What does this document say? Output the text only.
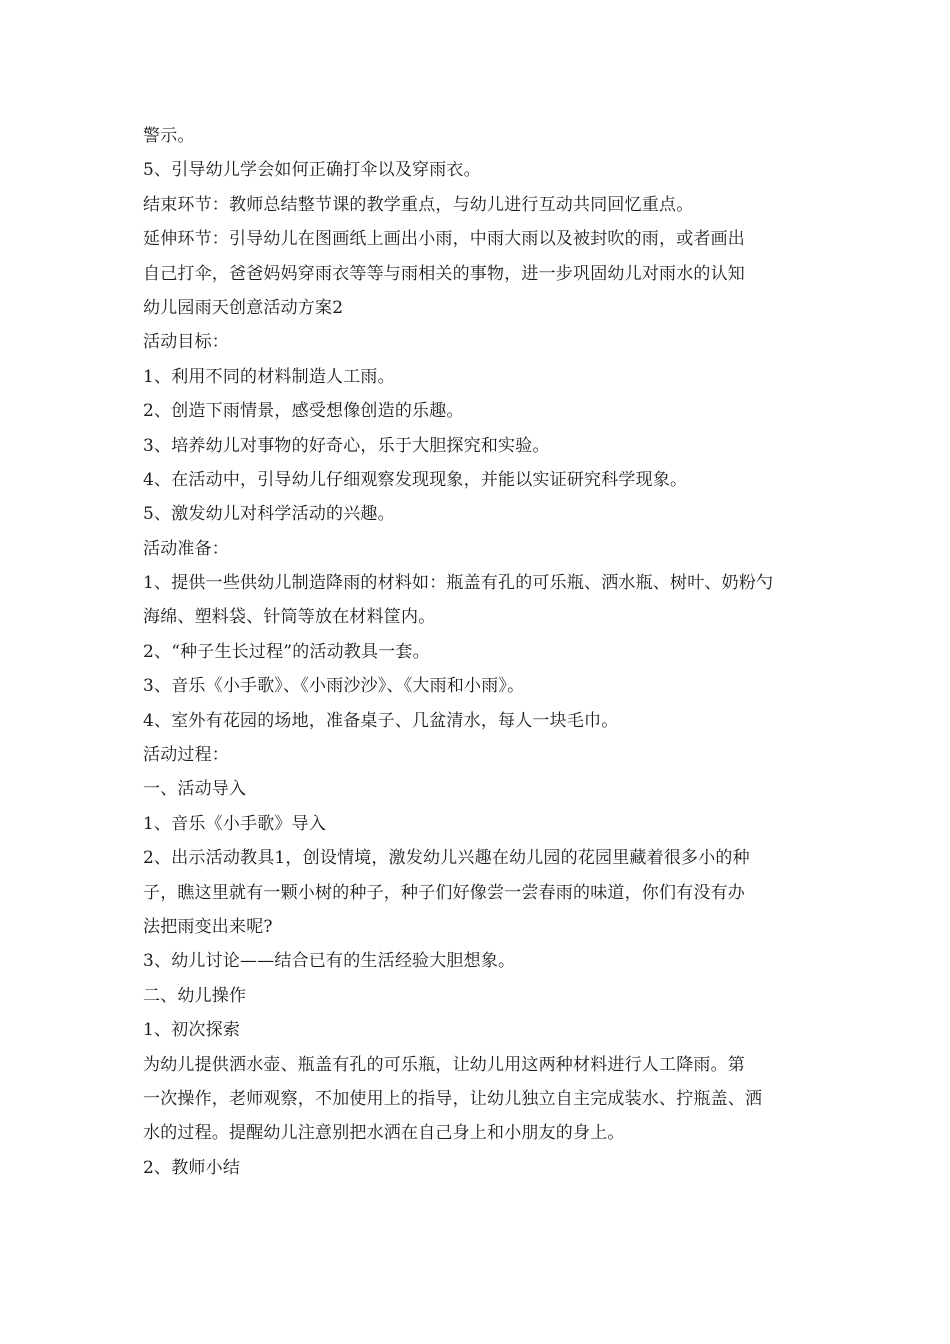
警示。
5、引导幼儿学会如何正确打伞以及穿雨衣。
结束环节：教师总结整节课的教学重点，与幼儿进行互动共同回忆重点。
延伸环节：引导幼儿在图画纸上画出小雨，中雨大雨以及被封吹的雨，或者画出
自己打伞，爸爸妈妈穿雨衣等等与雨相关的事物，进一步巩固幼儿对雨水的认知
幼儿园雨天创意活动方案2
活动目标：
1、利用不同的材料制造人工雨。
2、创造下雨情景，感受想像创造的乐趣。
3、培养幼儿对事物的好奇心，乐于大胆探究和实验。
4、在活动中，引导幼儿仔细观察发现现象，并能以实证研究科学现象。
5、激发幼儿对科学活动的兴趣。
活动准备：
1、提供一些供幼儿制造降雨的材料如：瓶盖有孔的可乐瓶、洒水瓶、树叶、奶粉勺
海绵、塑料袋、针筒等放在材料筐内。
2、“种子生长过程”的活动教具一套。
3、音乐《小手歌》、《小雨沙沙》、《大雨和小雨》。
4、室外有花园的场地，准备桌子、几盆清水，每人一块毛巾。
活动过程：
一、活动导入
1、音乐《小手歌》导入
2、出示活动教具1，创设情境，激发幼儿兴趣在幼儿园的花园里藏着很多小的种
子，瞧这里就有一颗小树的种子，种子们好像尝一尝春雨的味道，你们有没有办
法把雨变出来呢?
3、幼儿讨论——结合已有的生活经验大胆想象。
二、幼儿操作
1、初次探索
为幼儿提供洒水壶、瓶盖有孔的可乐瓶，让幼儿用这两种材料进行人工降雨。第
一次操作，老师观察，不加使用上的指导，让幼儿独立自主完成装水、拧瓶盖、洒
水的过程。提醒幼儿注意别把水洒在自己身上和小朋友的身上。
2、教师小结
